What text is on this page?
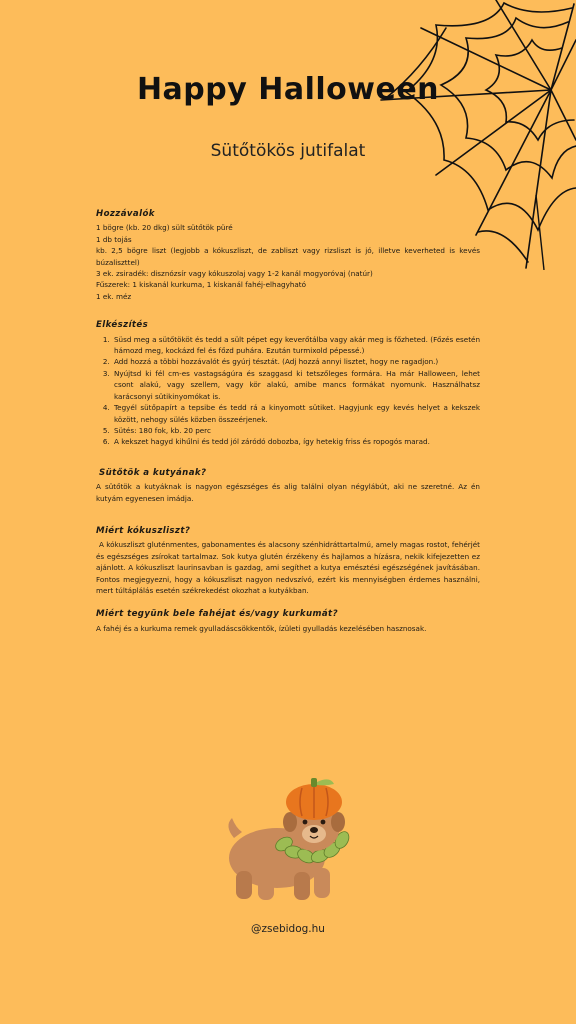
Happy Halloween
Sütőtökös jutifalat
Hozzávalók

1 bögre (kb. 20 dkg) sült sütőtök püré

1 db tojás

kb. 2,5 bögre liszt (legjobb a kókuszliszt, de zabliszt vagy rizsliszt is jó, illetve keverheted is kevés búzaliszttel)

3 ek. zsiradék: disznózsír vagy kókuszolaj vagy 1-2 kanál mogyoróvaj (natúr)

Fűszerek: 1 kiskanál kurkuma, 1 kiskanál fahéj-elhagyható

1 ek. méz

Elkészítés
1. Süsd meg a sütőtököt és tedd a sült pépet egy keverőtálba vagy akár meg is főzheted. (Főzés esetén hámozd meg, kockázd fel és főzd puhára. Ezután turmixold pépessé.)
2. Add hozzá a többi hozzávalót és gyúrj tésztát. (Adj hozzá annyi lisztet, hogy ne ragadjon.)
3. Nyújtsd ki fél cm-es vastagságúra és szaggasd ki tetszőleges formára. Ha már Halloween, lehet csont alakú, vagy szellem, vagy kör alakú, amibe mancs formákat nyomunk. Használhatsz karácsonyi sütikinyomókat is.
4. Tegyél sütőpapírt a tepsibe és tedd rá a kinyomott sütiket. Hagyjunk egy kevés helyet a kekszek között, nehogy sülés közben összeérjenek.
5. Sütés: 180 fok, kb. 20 perc
6. A kekszet hagyd kihűlni és tedd jól záródó dobozba, így hetekig friss és ropogós marad.
Sütőtök a kutyának?

A sütőtök a kutyáknak is nagyon egészséges és alig találni olyan négylábút, aki ne szeretné. Az én kutyám egyenesen imádja.

Miért kókuszliszt?

A kókuszliszt gluténmentes, gabonamentes és alacsony szénhidráttartalmú, amely magas rostot, fehérjét és egészséges zsírokat tartalmaz. Sok kutya glutén érzékeny és hajlamos a hízásra, nekik kifejezetten ez ajánlott. A kókuszliszt laurinsavban is gazdag, ami segíthet a kutya emésztési egészségének javításában. Fontos megjegyezni, hogy a kókuszliszt nagyon nedvszívó, ezért kis mennyiségben érdemes használni, mert túltáplálás esetén székrekedést okozhat a kutyákban.

Miért tegyünk bele fahéjat és/vagy kurkumát?

A fahéj és a kurkuma remek gyulladáscsökkentők, ízületi gyulladás kezelésében hasznosak.

@zsebidog.hu
